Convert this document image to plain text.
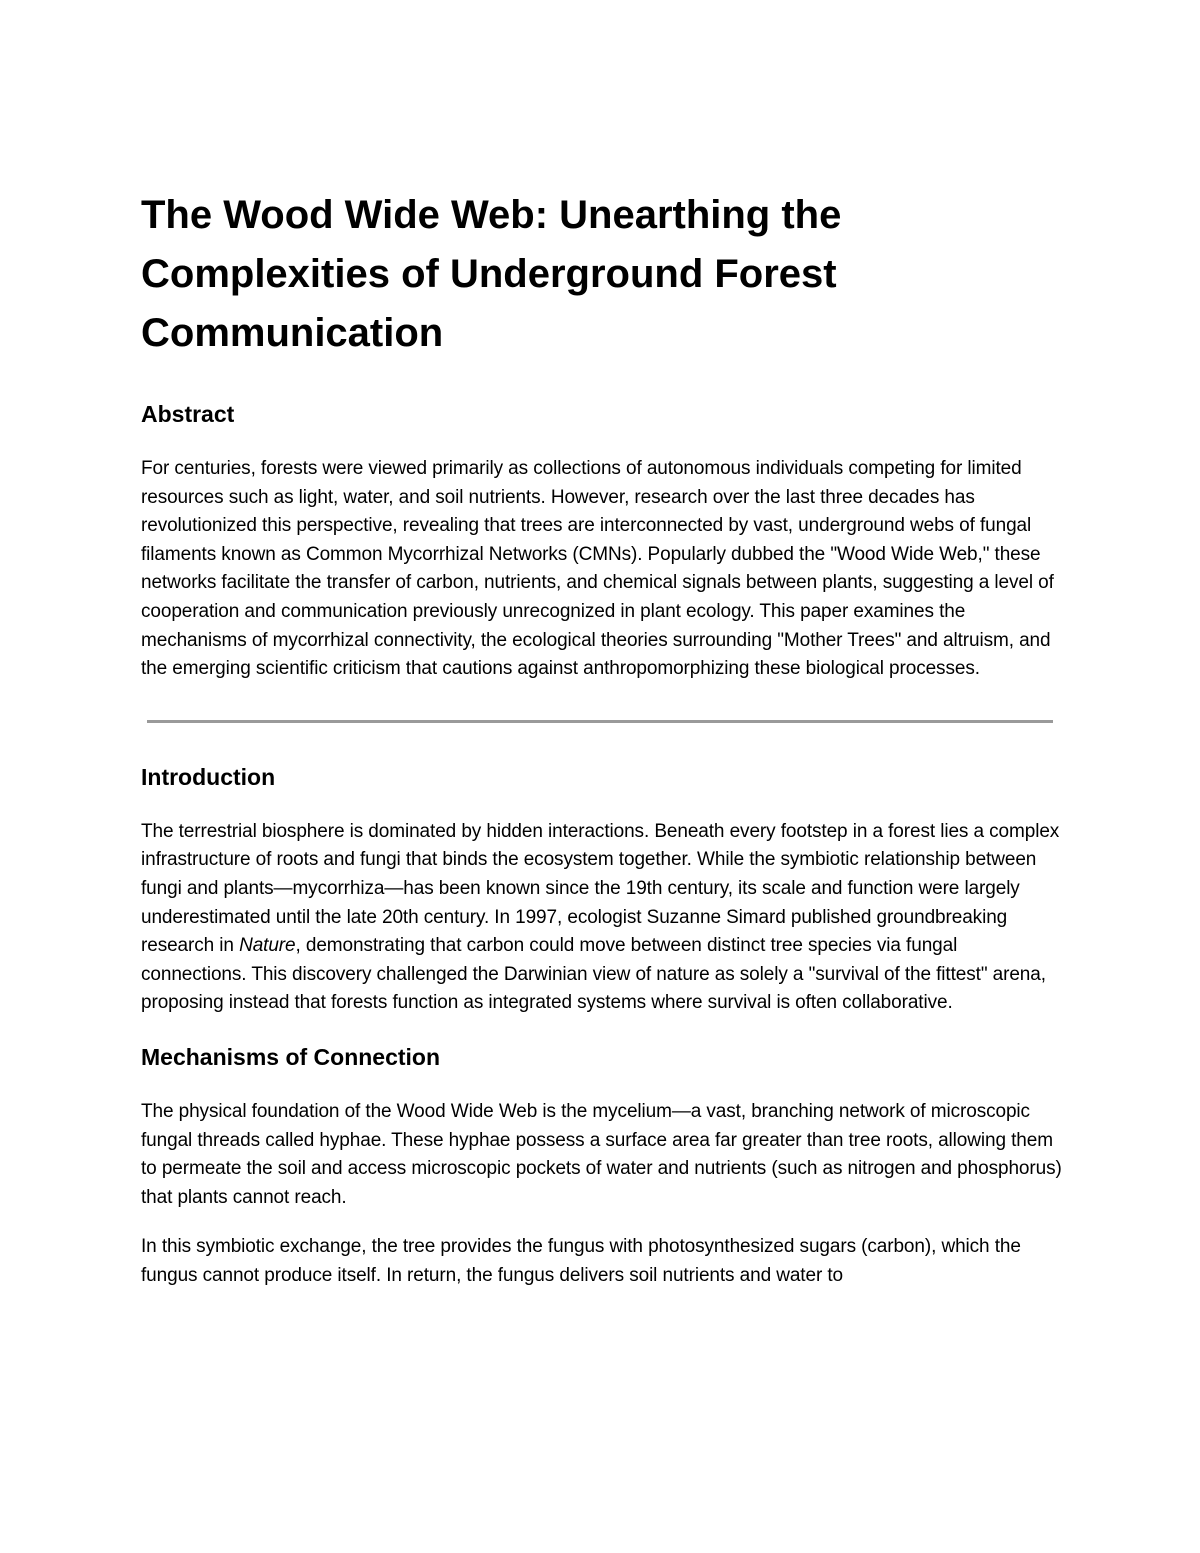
The Wood Wide Web: Unearthing the Complexities of Underground Forest Communication
Abstract

For centuries, forests were viewed primarily as collections of autonomous individuals competing for limited resources such as light, water, and soil nutrients. However, research over the last three decades has revolutionized this perspective, revealing that trees are interconnected by vast, underground webs of fungal filaments known as Common Mycorrhizal Networks (CMNs). Popularly dubbed the "Wood Wide Web," these networks facilitate the transfer of carbon, nutrients, and chemical signals between plants, suggesting a level of cooperation and communication previously unrecognized in plant ecology. This paper examines the mechanisms of mycorrhizal connectivity, the ecological theories surrounding "Mother Trees" and altruism, and the emerging scientific criticism that cautions against anthropomorphizing these biological processes.

Introduction

The terrestrial biosphere is dominated by hidden interactions. Beneath every footstep in a forest lies a complex infrastructure of roots and fungi that binds the ecosystem together. While the symbiotic relationship between fungi and plants—mycorrhiza—has been known since the 19th century, its scale and function were largely underestimated until the late 20th century. In 1997, ecologist Suzanne Simard published groundbreaking research in Nature, demonstrating that carbon could move between distinct tree species via fungal connections. This discovery challenged the Darwinian view of nature as solely a "survival of the fittest" arena, proposing instead that forests function as integrated systems where survival is often collaborative.

Mechanisms of Connection

The physical foundation of the Wood Wide Web is the mycelium—a vast, branching network of microscopic fungal threads called hyphae. These hyphae possess a surface area far greater than tree roots, allowing them to permeate the soil and access microscopic pockets of water and nutrients (such as nitrogen and phosphorus) that plants cannot reach.

In this symbiotic exchange, the tree provides the fungus with photosynthesized sugars (carbon), which the fungus cannot produce itself. In return, the fungus delivers soil nutrients and water to
